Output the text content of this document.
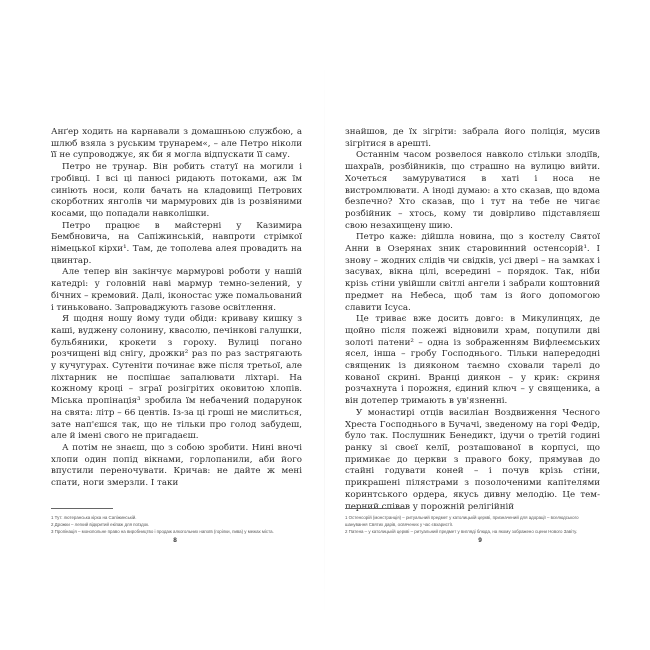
Анґер ходить на карнавали з домашньою службою, а шлюб взяла з руським трунарем«, – але Петро ніколи її не супроводжує, як би я могла відпускати її саму.

Петро не трунар. Він робить статуї на могили і гробівці. І всі ці панюсі ридають потоками, аж їм синіють носи, коли бачать на кладовищі Петрових скорботних янголів чи мармурових дів із розвіяними косами, що попадали навколішки.

Петро працює в майстерні у Казимира Бембновича, на Сапіжинській, навпроти стрімкої німецької кірхи¹. Там, де тополева алея провадить на цвинтар.

Але тепер він закінчує мармурові роботи у нашій катедрі: у головній наві мармур темно-зелений, у бічних – кремовий. Далі, іконостас уже помальований і тиньковано. Запроваджують газове освітлення.

Я щодня ношу йому туди обіди: криваву кишку з каші, вуджену солонину, квасолю, печінкові галушки, бульбяники, крокети з гороху. Вулиці погано розчищені від снігу, дрожки² раз по раз застрягають у кучугурах. Сутеніти починає вже після третьої, але ліхтарник не поспішає запалювати ліхтарі. На кожному кроці – зграї розігрітих оковитою хлопів. Міська пропінація³ зробила їм небачений подарунок на свята: літр – 66 центів. Із-за ці гроші не мислиться, зате нап'єшся так, що не тільки про голод забудеш, але й імені свого не пригадаєш.

А потім не знаєш, що з собою зробити. Нині вночі хлопи один попід вікнами, горлопанили, аби його впустили переночувати. Кричав: не дайте ж мені спати, ноги змерзли. І таки

1 Тут: лютеранська кірха на Сапіжинській.
2 Дрожки – легкий відкритий екіпаж для поїздок.
3 Пропінація – монопольне право на виробництво і продаж алкогольних напоїв (горілки, пива) у межах міста.
8

знайшов, де їх зігріти: забрала його поліція, мусив зігрітися в арешті.

Останнім часом розвелося навколо стільки злодіїв, шахраїв, розбійників, що страшно на вулицю вийти. Хочеться замуруватися в хаті і носа не вистромлювати. А іноді думаю: а хто сказав, що вдома безпечно? Хто сказав, що і тут на тебе не чигає розбійник – хтось, кому ти довірливо підставляєш свою незахищену шию.

Петро каже: дійшла новина, що з костелу Святої Анни в Озерянах зник старовинний остенсорій¹. І знову – жодних слідів чи свідків, усі двері – на замках і засувах, вікна цілі, всередині – порядок. Так, ніби крізь стіни увійшли світлі ангели і забрали коштовний предмет на Небеса, щоб там із його допомогою славити Ісуса.

Це триває вже досить довго: в Микулинцях, де щойно після пожежі відновили храм, поцупили дві золоті патени² – одна із зображенням Вифлеємських ясел, інша – гробу Господнього. Тільки напередодні священик із дияконом таємно сховали тарелі до кованої скрині. Вранці диякон – у крик: скриня розчахнута і порожня, єдиний ключ – у священика, а він дотепер тримають в ув'язненні.

У монастирі отців василіан Воздвиження Чесного Хреста Господнього в Бучачі, зведеному на горі Федір, було так. Послушник Бенедикт, ідучи о третій годині ранку зі своєї келії, розташованої в корпусі, що примикає до церкви з правого боку, прямував до стайні годувати коней – і почув крізь стіни, прикрашені пілястрами з позолоченими капітелями коринтського ордера, якусь дивну мелодію. Це темперний співав у порожній релігійній

1 Остенсорій (монстранція) – ритуальний предмет у католицькій церкві, призначений для адорації – вселюдського шанування Святих дарів, освячених у час євхаристії.
2 Патена – у католицькій церкві – ритуальний предмет у вигляді блюда, на якому зображено сцени Нового Завіту.
9
